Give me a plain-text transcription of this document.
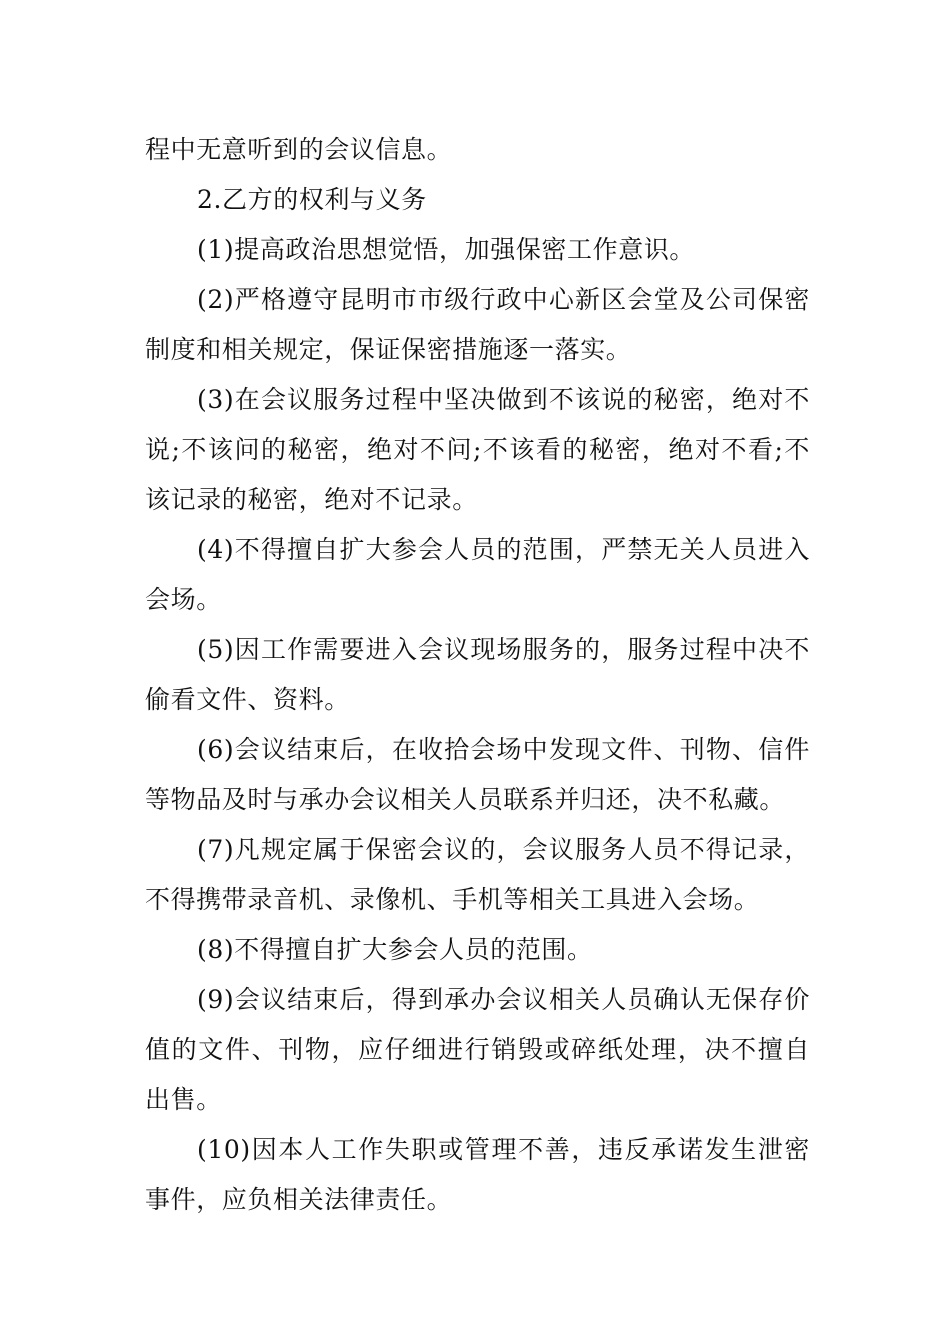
程中无意听到的会议信息。

2.乙方的权利与义务

(1)提高政治思想觉悟，加强保密工作意识。

(2)严格遵守昆明市市级行政中心新区会堂及公司保密制度和相关规定，保证保密措施逐一落实。

(3)在会议服务过程中坚决做到不该说的秘密，绝对不说;不该问的秘密，绝对不问;不该看的秘密，绝对不看;不该记录的秘密，绝对不记录。

(4)不得擅自扩大参会人员的范围，严禁无关人员进入会场。

(5)因工作需要进入会议现场服务的，服务过程中决不偷看文件、资料。

(6)会议结束后，在收拾会场中发现文件、刊物、信件等物品及时与承办会议相关人员联系并归还，决不私藏。

(7)凡规定属于保密会议的，会议服务人员不得记录，不得携带录音机、录像机、手机等相关工具进入会场。

(8)不得擅自扩大参会人员的范围。

(9)会议结束后，得到承办会议相关人员确认无保存价值的文件、刊物，应仔细进行销毁或碎纸处理，决不擅自出售。

(10)因本人工作失职或管理不善，违反承诺发生泄密事件，应负相关法律责任。
